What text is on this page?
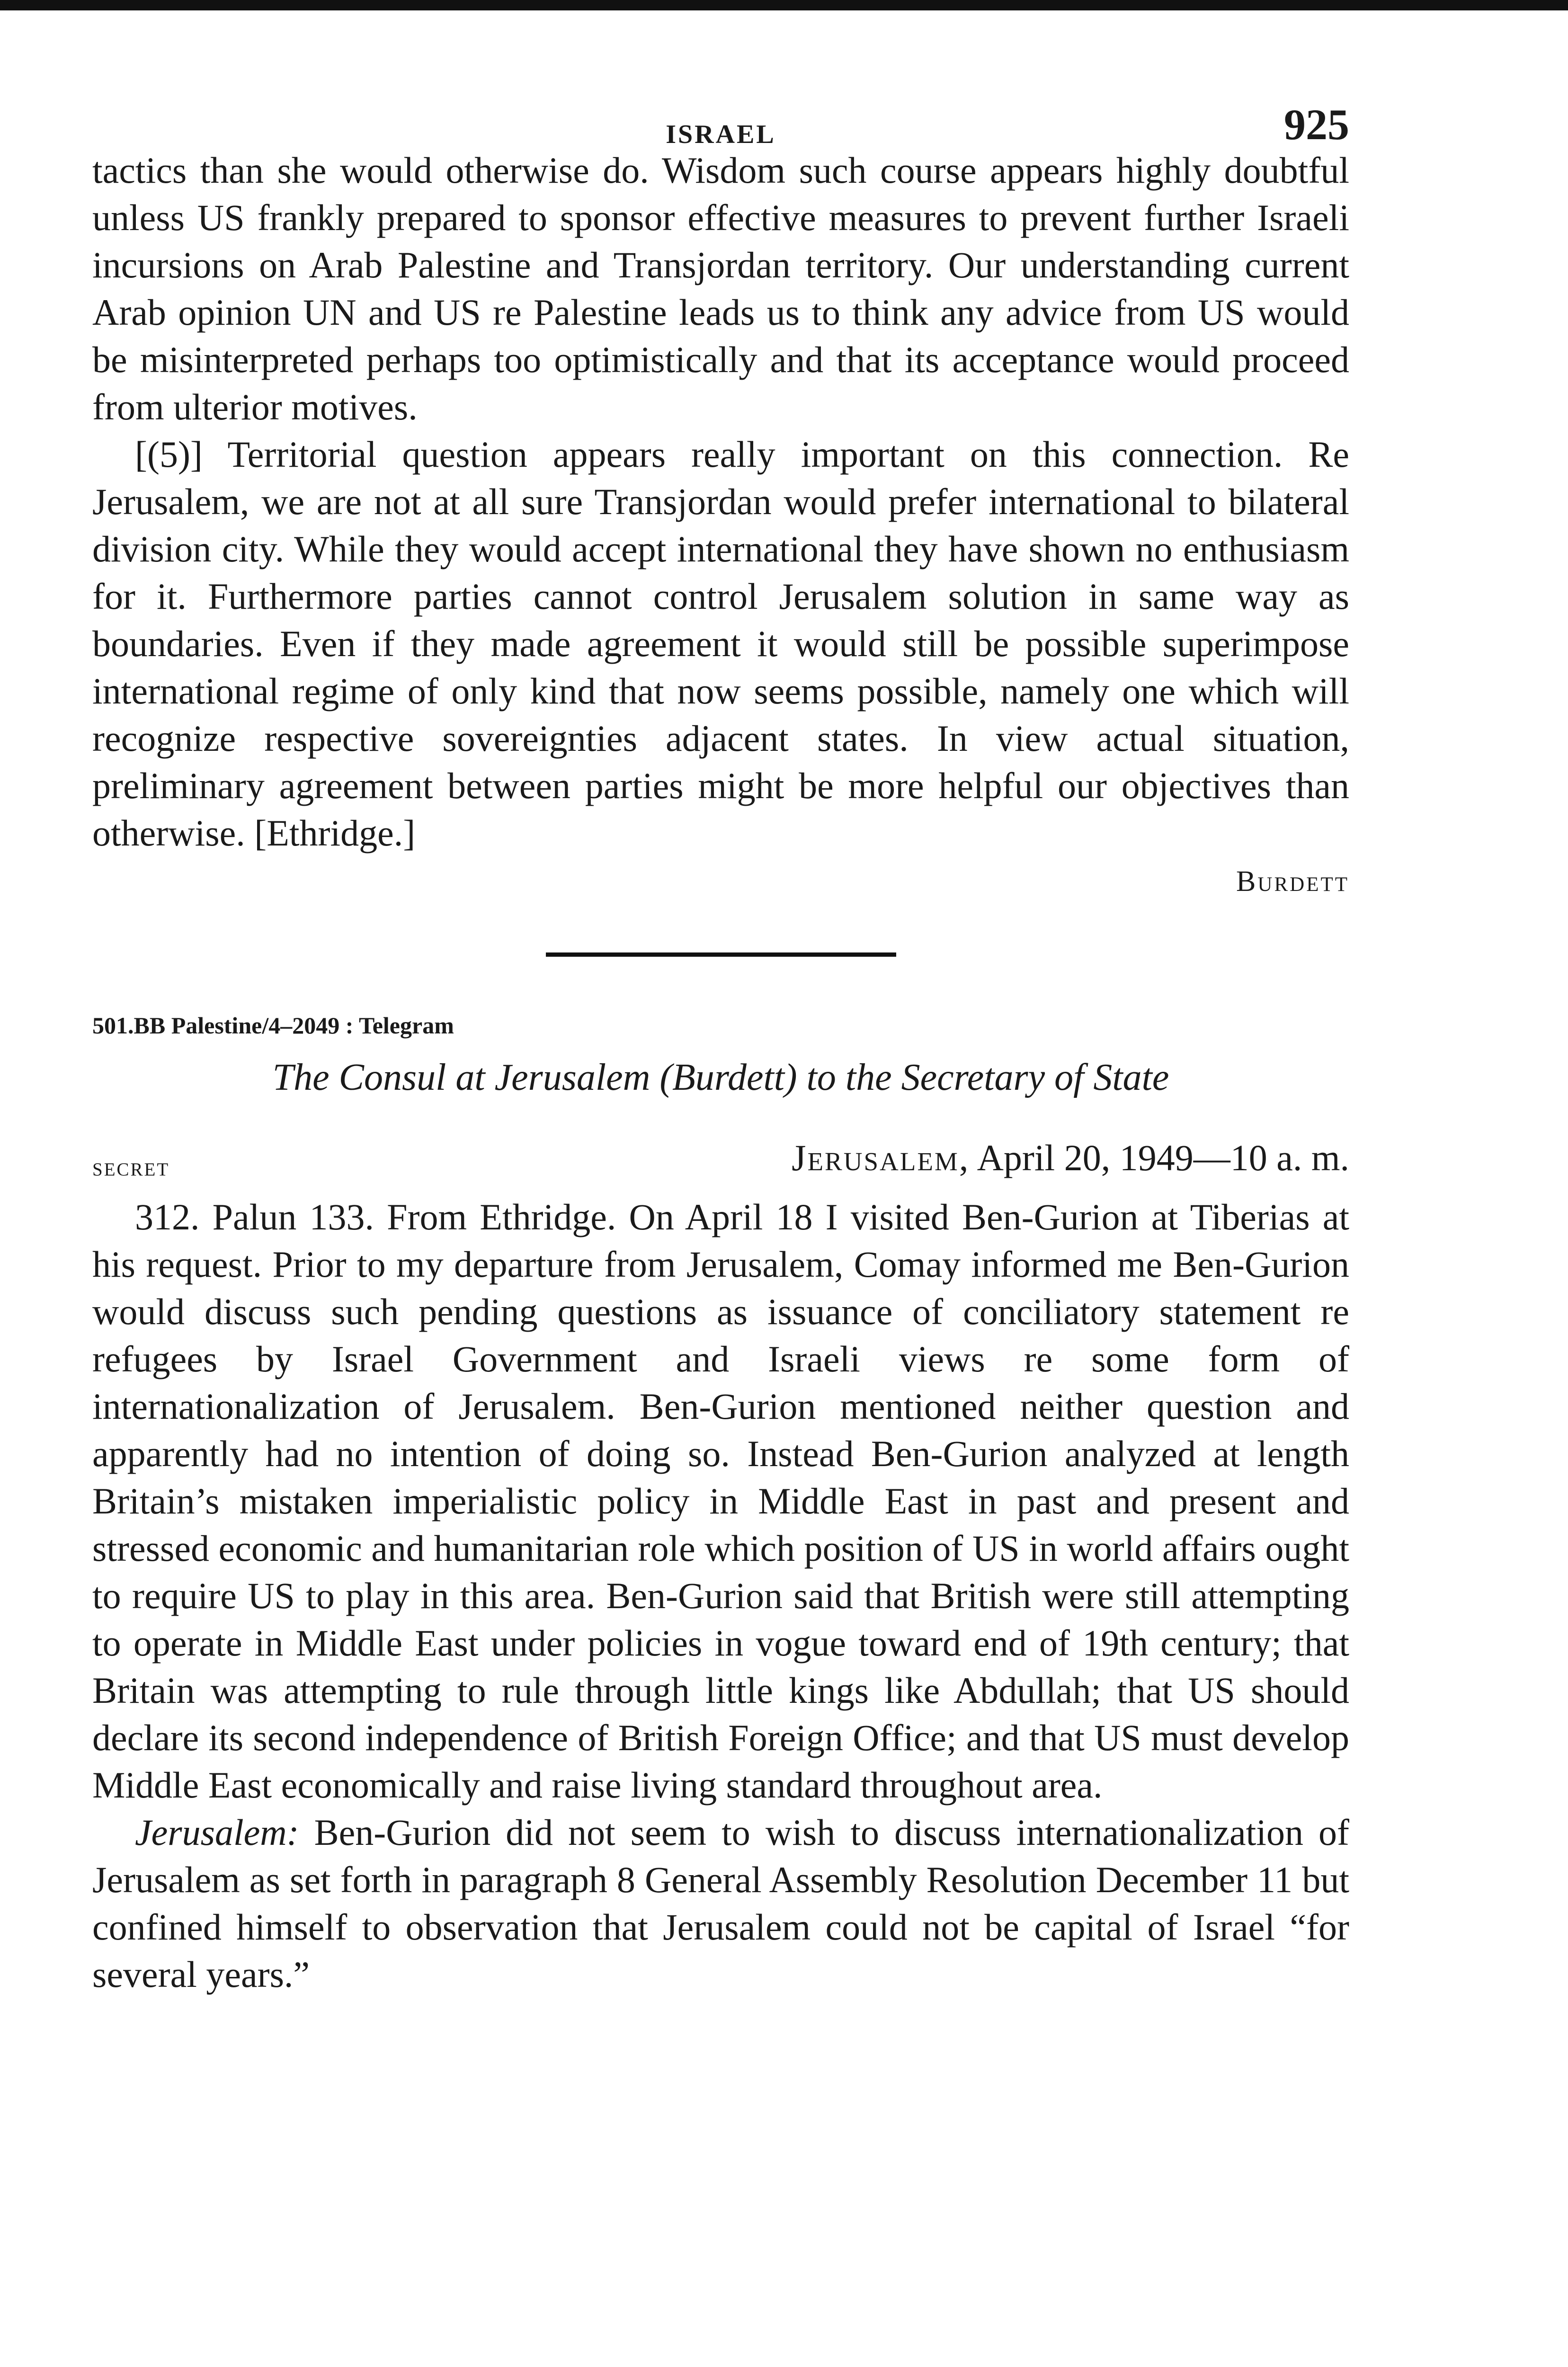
ISRAEL	925

tactics than she would otherwise do. Wisdom such course appears highly doubtful unless US frankly prepared to sponsor effective measures to prevent further Israeli incursions on Arab Palestine and Transjordan territory. Our understanding current Arab opinion UN and US re Palestine leads us to think any advice from US would be misinterpreted perhaps too optimistically and that its acceptance would proceed from ulterior motives.

[(5)] Territorial question appears really important on this connection. Re Jerusalem, we are not at all sure Transjordan would prefer international to bilateral division city. While they would accept international they have shown no enthusiasm for it. Furthermore parties cannot control Jerusalem solution in same way as boundaries. Even if they made agreement it would still be possible superimpose international regime of only kind that now seems possible, namely one which will recognize respective sovereignties adjacent states. In view actual situation, preliminary agreement between parties might be more helpful our objectives than otherwise. [Ethridge.]

Burdett
501.BB Palestine/4–2049 : Telegram
The Consul at Jerusalem (Burdett) to the Secretary of State
secret	Jerusalem, April 20, 1949—10 a. m.

312. Palun 133. From Ethridge. On April 18 I visited Ben-Gurion at Tiberias at his request. Prior to my departure from Jerusalem, Comay informed me Ben-Gurion would discuss such pending questions as issuance of conciliatory statement re refugees by Israel Government and Israeli views re some form of internationalization of Jerusalem. Ben-Gurion mentioned neither question and apparently had no intention of doing so. Instead Ben-Gurion analyzed at length Britain’s mistaken imperialistic policy in Middle East in past and present and stressed economic and humanitarian role which position of US in world affairs ought to require US to play in this area. Ben-Gurion said that British were still attempting to operate in Middle East under policies in vogue toward end of 19th century; that Britain was attempting to rule through little kings like Abdullah; that US should declare its second independence of British Foreign Office; and that US must develop Middle East economically and raise living standard throughout area.

Jerusalem: Ben-Gurion did not seem to wish to discuss internationalization of Jerusalem as set forth in paragraph 8 General Assembly Resolution December 11 but confined himself to observation that Jerusalem could not be capital of Israel “for several years.”
